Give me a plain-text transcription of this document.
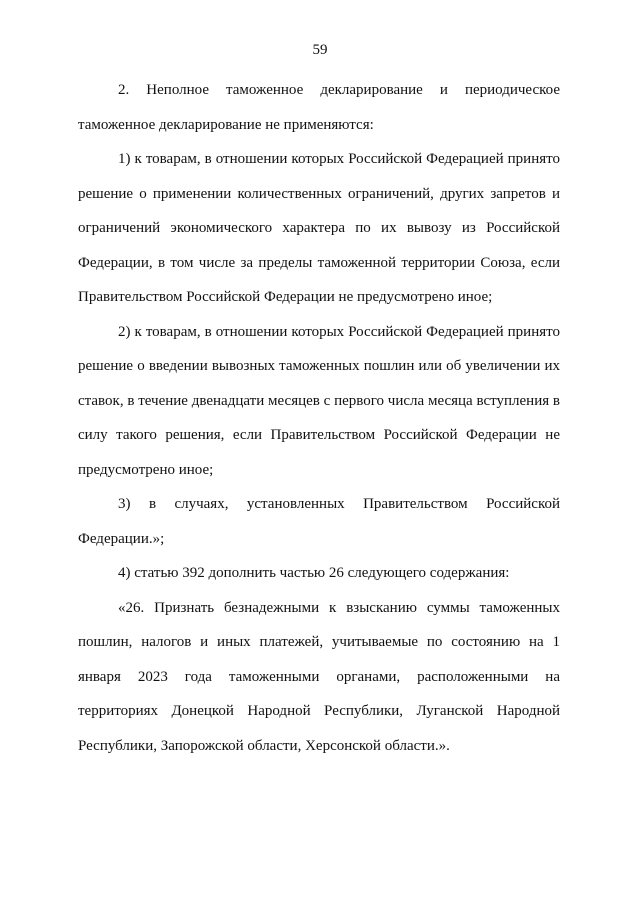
59

2. Неполное таможенное декларирование и периодическое таможенное декларирование не применяются:

1) к товарам, в отношении которых Российской Федерацией принято решение о применении количественных ограничений, других запретов и ограничений экономического характера по их вывозу из Российской Федерации, в том числе за пределы таможенной территории Союза, если Правительством Российской Федерации не предусмотрено иное;

2) к товарам, в отношении которых Российской Федерацией принято решение о введении вывозных таможенных пошлин или об увеличении их ставок, в течение двенадцати месяцев с первого числа месяца вступления в силу такого решения, если Правительством Российской Федерации не предусмотрено иное;

3) в случаях, установленных Правительством Российской Федерации.»;

4) статью 392 дополнить частью 26 следующего содержания:

«26. Признать безнадежными к взысканию суммы таможенных пошлин, налогов и иных платежей, учитываемые по состоянию на 1 января 2023 года таможенными органами, расположенными на территориях Донецкой Народной Республики, Луганской Народной Республики, Запорожской области, Херсонской области.».
